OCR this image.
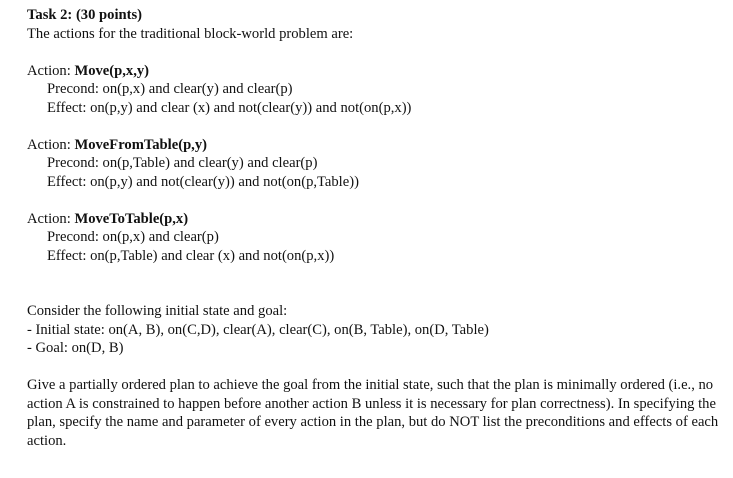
Task 2: (30 points)
The actions for the traditional block-world problem are:
Action: Move(p,x,y)
Precond: on(p,x) and clear(y) and clear(p)
Effect: on(p,y) and clear (x) and not(clear(y)) and not(on(p,x))
Action: MoveFromTable(p,y)
Precond: on(p,Table) and clear(y) and clear(p)
Effect: on(p,y) and not(clear(y)) and not(on(p,Table))
Action: MoveToTable(p,x)
Precond: on(p,x) and clear(p)
Effect: on(p,Table) and clear (x) and not(on(p,x))
Consider the following initial state and goal:
- Initial state: on(A, B), on(C,D), clear(A), clear(C), on(B, Table), on(D, Table)
- Goal: on(D, B)
Give a partially ordered plan to achieve the goal from the initial state, such that the plan is minimally ordered (i.e., no action A is constrained to happen before another action B unless it is necessary for plan correctness). In specifying the plan, specify the name and parameter of every action in the plan, but do NOT list the preconditions and effects of each action.
